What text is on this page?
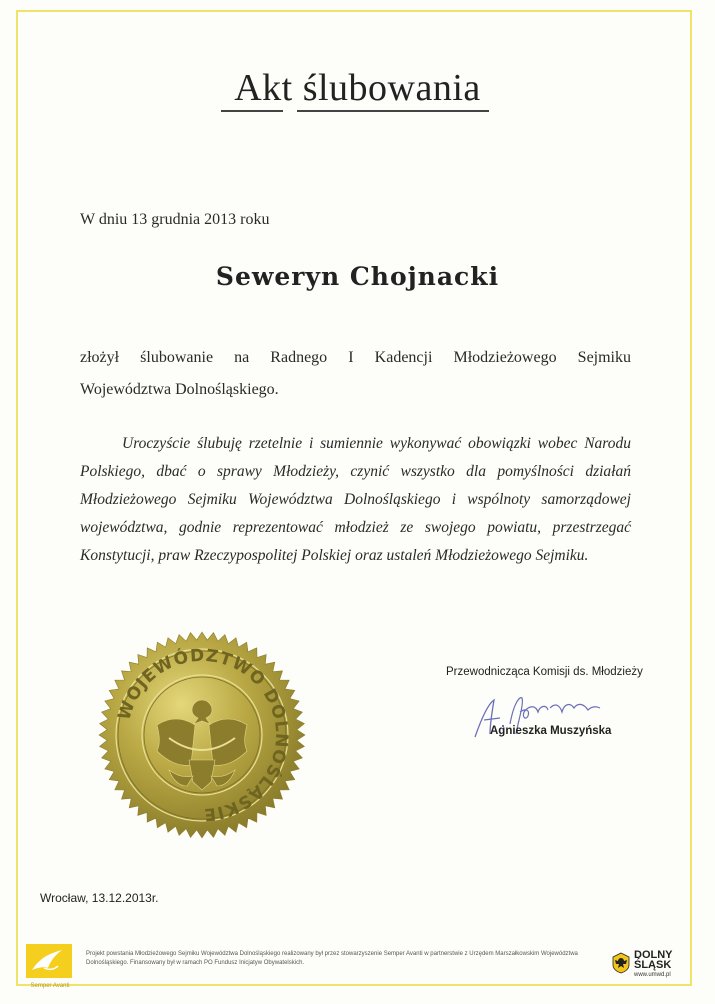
Akt ślubowania
W dniu 13 grudnia 2013 roku
Seweryn Chojnacki
złożył ślubowanie na Radnego I Kadencji Młodzieżowego Sejmiku
Województwa Dolnośląskiego.
Uroczyście ślubuję rzetelnie i sumiennie wykonywać obowiązki wobec Narodu
Polskiego, dbać o sprawy Młodzieży, czynić wszystko dla pomyślności działań
Młodzieżowego Sejmiku Województwa Dolnośląskiego i wspólnoty samorządowej
województwa, godnie reprezentować młodzież ze swojego powiatu, przestrzegać
Konstytucji, praw Rzeczypospolitej Polskiej oraz ustaleń Młodzieżowego Sejmiku.
WOJEWÓDZTWO DOLNOŚLĄSKIE
Przewodnicząca Komisji ds. Młodzieży
Agnieszka Muszyńska
Wrocław, 13.12.2013r.
Semper Avanti
Projekt powstania Młodzieżowego Sejmiku Województwa Dolnośląskiego realizowany był przez stowarzyszenie Semper Avanti w partnerstwie z Urzędem Marszałkowskim Województwa Dolnośląskiego. Finansowany był w ramach PO Fundusz Inicjatyw Obywatelskich.
DOLNY
ŚLĄSK
www.umwd.pl
